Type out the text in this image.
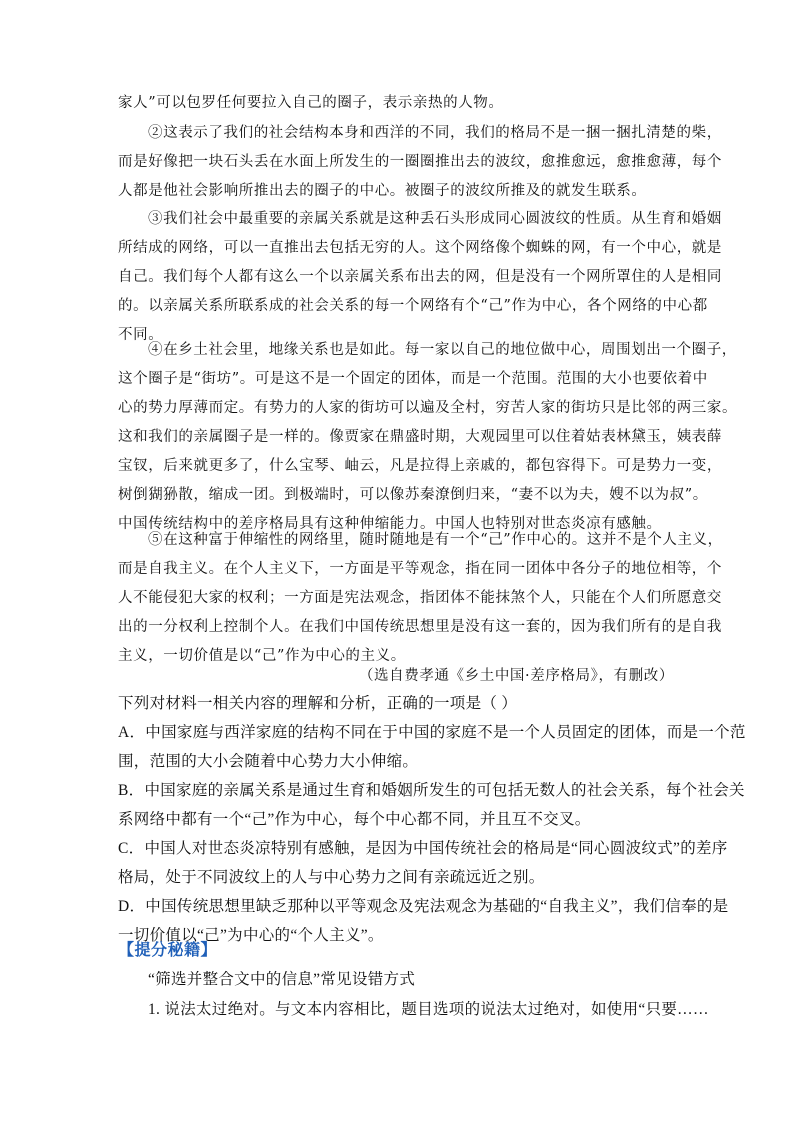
家人”可以包罗任何要拉入自己的圈子，表示亲热的人物。
②这表示了我们的社会结构本身和西洋的不同，我们的格局不是一捆一捆扎清楚的柴，
而是好像把一块石头丢在水面上所发生的一圈圈推出去的波纹，愈推愈远，愈推愈薄，每个
人都是他社会影响所推出去的圈子的中心。被圈子的波纹所推及的就发生联系。
③我们社会中最重要的亲属关系就是这种丢石头形成同心圆波纹的性质。从生育和婚姻
所结成的网络，可以一直推出去包括无穷的人。这个网络像个蜘蛛的网，有一个中心，就是
自己。我们每个人都有这么一个以亲属关系布出去的网，但是没有一个网所罩住的人是相同
的。以亲属关系所联系成的社会关系的每一个网络有个“己”作为中心，各个网络的中心都
不同。
④在乡土社会里，地缘关系也是如此。每一家以自己的地位做中心，周围划出一个圈子，
这个圈子是“街坊”。可是这不是一个固定的团体，而是一个范围。范围的大小也要依着中
心的势力厚薄而定。有势力的人家的街坊可以遍及全村，穷苦人家的街坊只是比邻的两三家。
这和我们的亲属圈子是一样的。像贾家在鼎盛时期，大观园里可以住着姑表林黛玉，姨表薛
宝钗，后来就更多了，什么宝琴、岫云，凡是拉得上亲戚的，都包容得下。可是势力一变，
树倒猢狲散，缩成一团。到极端时，可以像苏秦潦倒归来，“妻不以为夫，嫂不以为叔”。
中国传统结构中的差序格局具有这种伸缩能力。中国人也特别对世态炎凉有感触。
⑤在这种富于伸缩性的网络里，随时随地是有一个“己”作中心的。这并不是个人主义，
而是自我主义。在个人主义下，一方面是平等观念，指在同一团体中各分子的地位相等，个
人不能侵犯大家的权利；一方面是宪法观念，指团体不能抹煞个人，只能在个人们所愿意交
出的一分权利上控制个人。在我们中国传统思想里是没有这一套的，因为我们所有的是自我
主义，一切价值是以“己”作为中心的主义。
（选自费孝通《乡土中国·差序格局》，有删改）
下列对材料一相关内容的理解和分析，正确的一项是（ ）
A．中国家庭与西洋家庭的结构不同在于中国的家庭不是一个人员固定的团体，而是一个范
围，范围的大小会随着中心势力大小伸缩。
B．中国家庭的亲属关系是通过生育和婚姻所发生的可包括无数人的社会关系，每个社会关
系网络中都有一个“己”作为中心，每个中心都不同，并且互不交叉。
C．中国人对世态炎凉特别有感触，是因为中国传统社会的格局是“同心圆波纹式”的差序
格局，处于不同波纹上的人与中心势力之间有亲疏远近之别。
D．中国传统思想里缺乏那种以平等观念及宪法观念为基础的“自我主义”，我们信奉的是
一切价值以“己”为中心的“个人主义”。
【提分秘籍】
“筛选并整合文中的信息”常见设错方式
1. 说法太过绝对。与文本内容相比，题目选项的说法太过绝对，如使用“只要……
